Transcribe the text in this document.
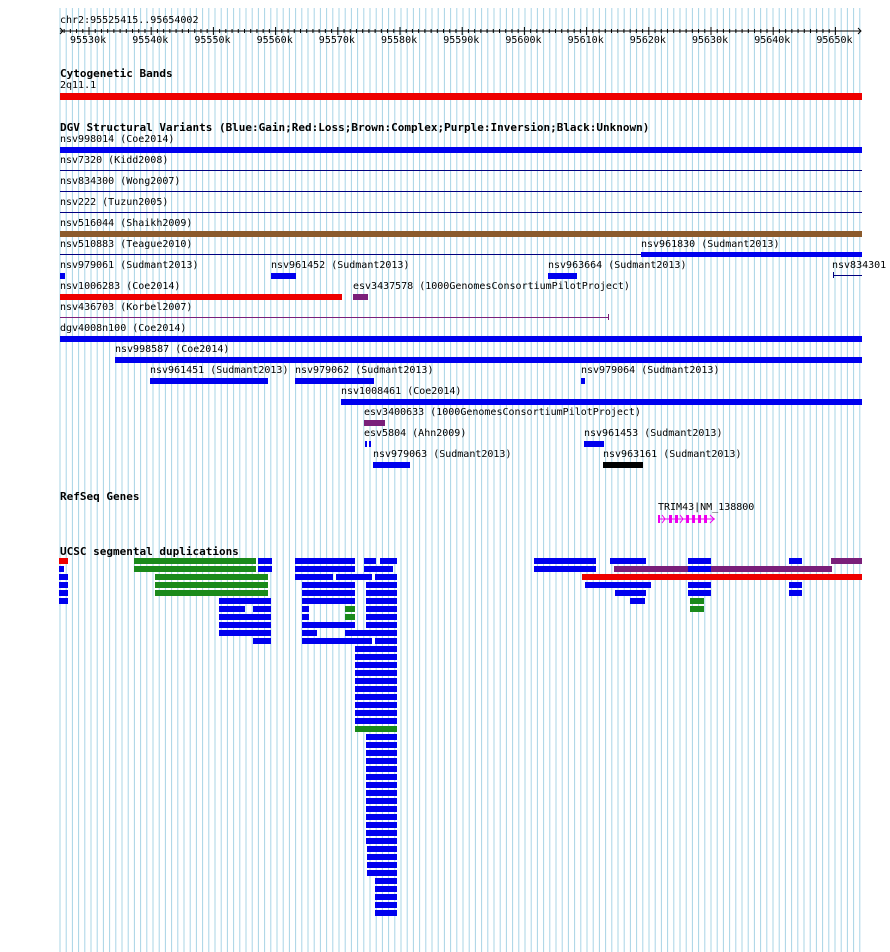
chr2:95525415..95654002
95530k	95540k	95550k	95560k	95570k	95580k	95590k	95600k	95610k	95620k	95630k	95640k	95650k
Cytogenetic Bands
2q11.1
DGV Structural Variants (Blue:Gain;Red:Loss;Brown:Complex;Purple:Inversion;Black:Unknown)
nsv998014 (Coe2014)
nsv7320 (Kidd2008)
nsv834300 (Wong2007)
nsv222 (Tuzun2005)
nsv516044 (Shaikh2009)
nsv510883 (Teague2010)	nsv961830 (Sudmant2013)
nsv979061 (Sudmant2013)	nsv961452 (Sudmant2013)	nsv963664 (Sudmant2013)	nsv834301
nsv1006283 (Coe2014)	esv3437578 (1000GenomesConsortiumPilotProject)
nsv436703 (Korbel2007)
dgv4008n100 (Coe2014)
nsv998587 (Coe2014)
nsv961451 (Sudmant2013) nsv979062 (Sudmant2013)	nsv979064 (Sudmant2013)
nsv1008461 (Coe2014)
esv3400633 (1000GenomesConsortiumPilotProject)
esv5804 (Ahn2009)	nsv961453 (Sudmant2013)
nsv979063 (Sudmant2013)	nsv963161 (Sudmant2013)
RefSeq Genes
TRIM43|NM_138800
UCSC segmental duplications
